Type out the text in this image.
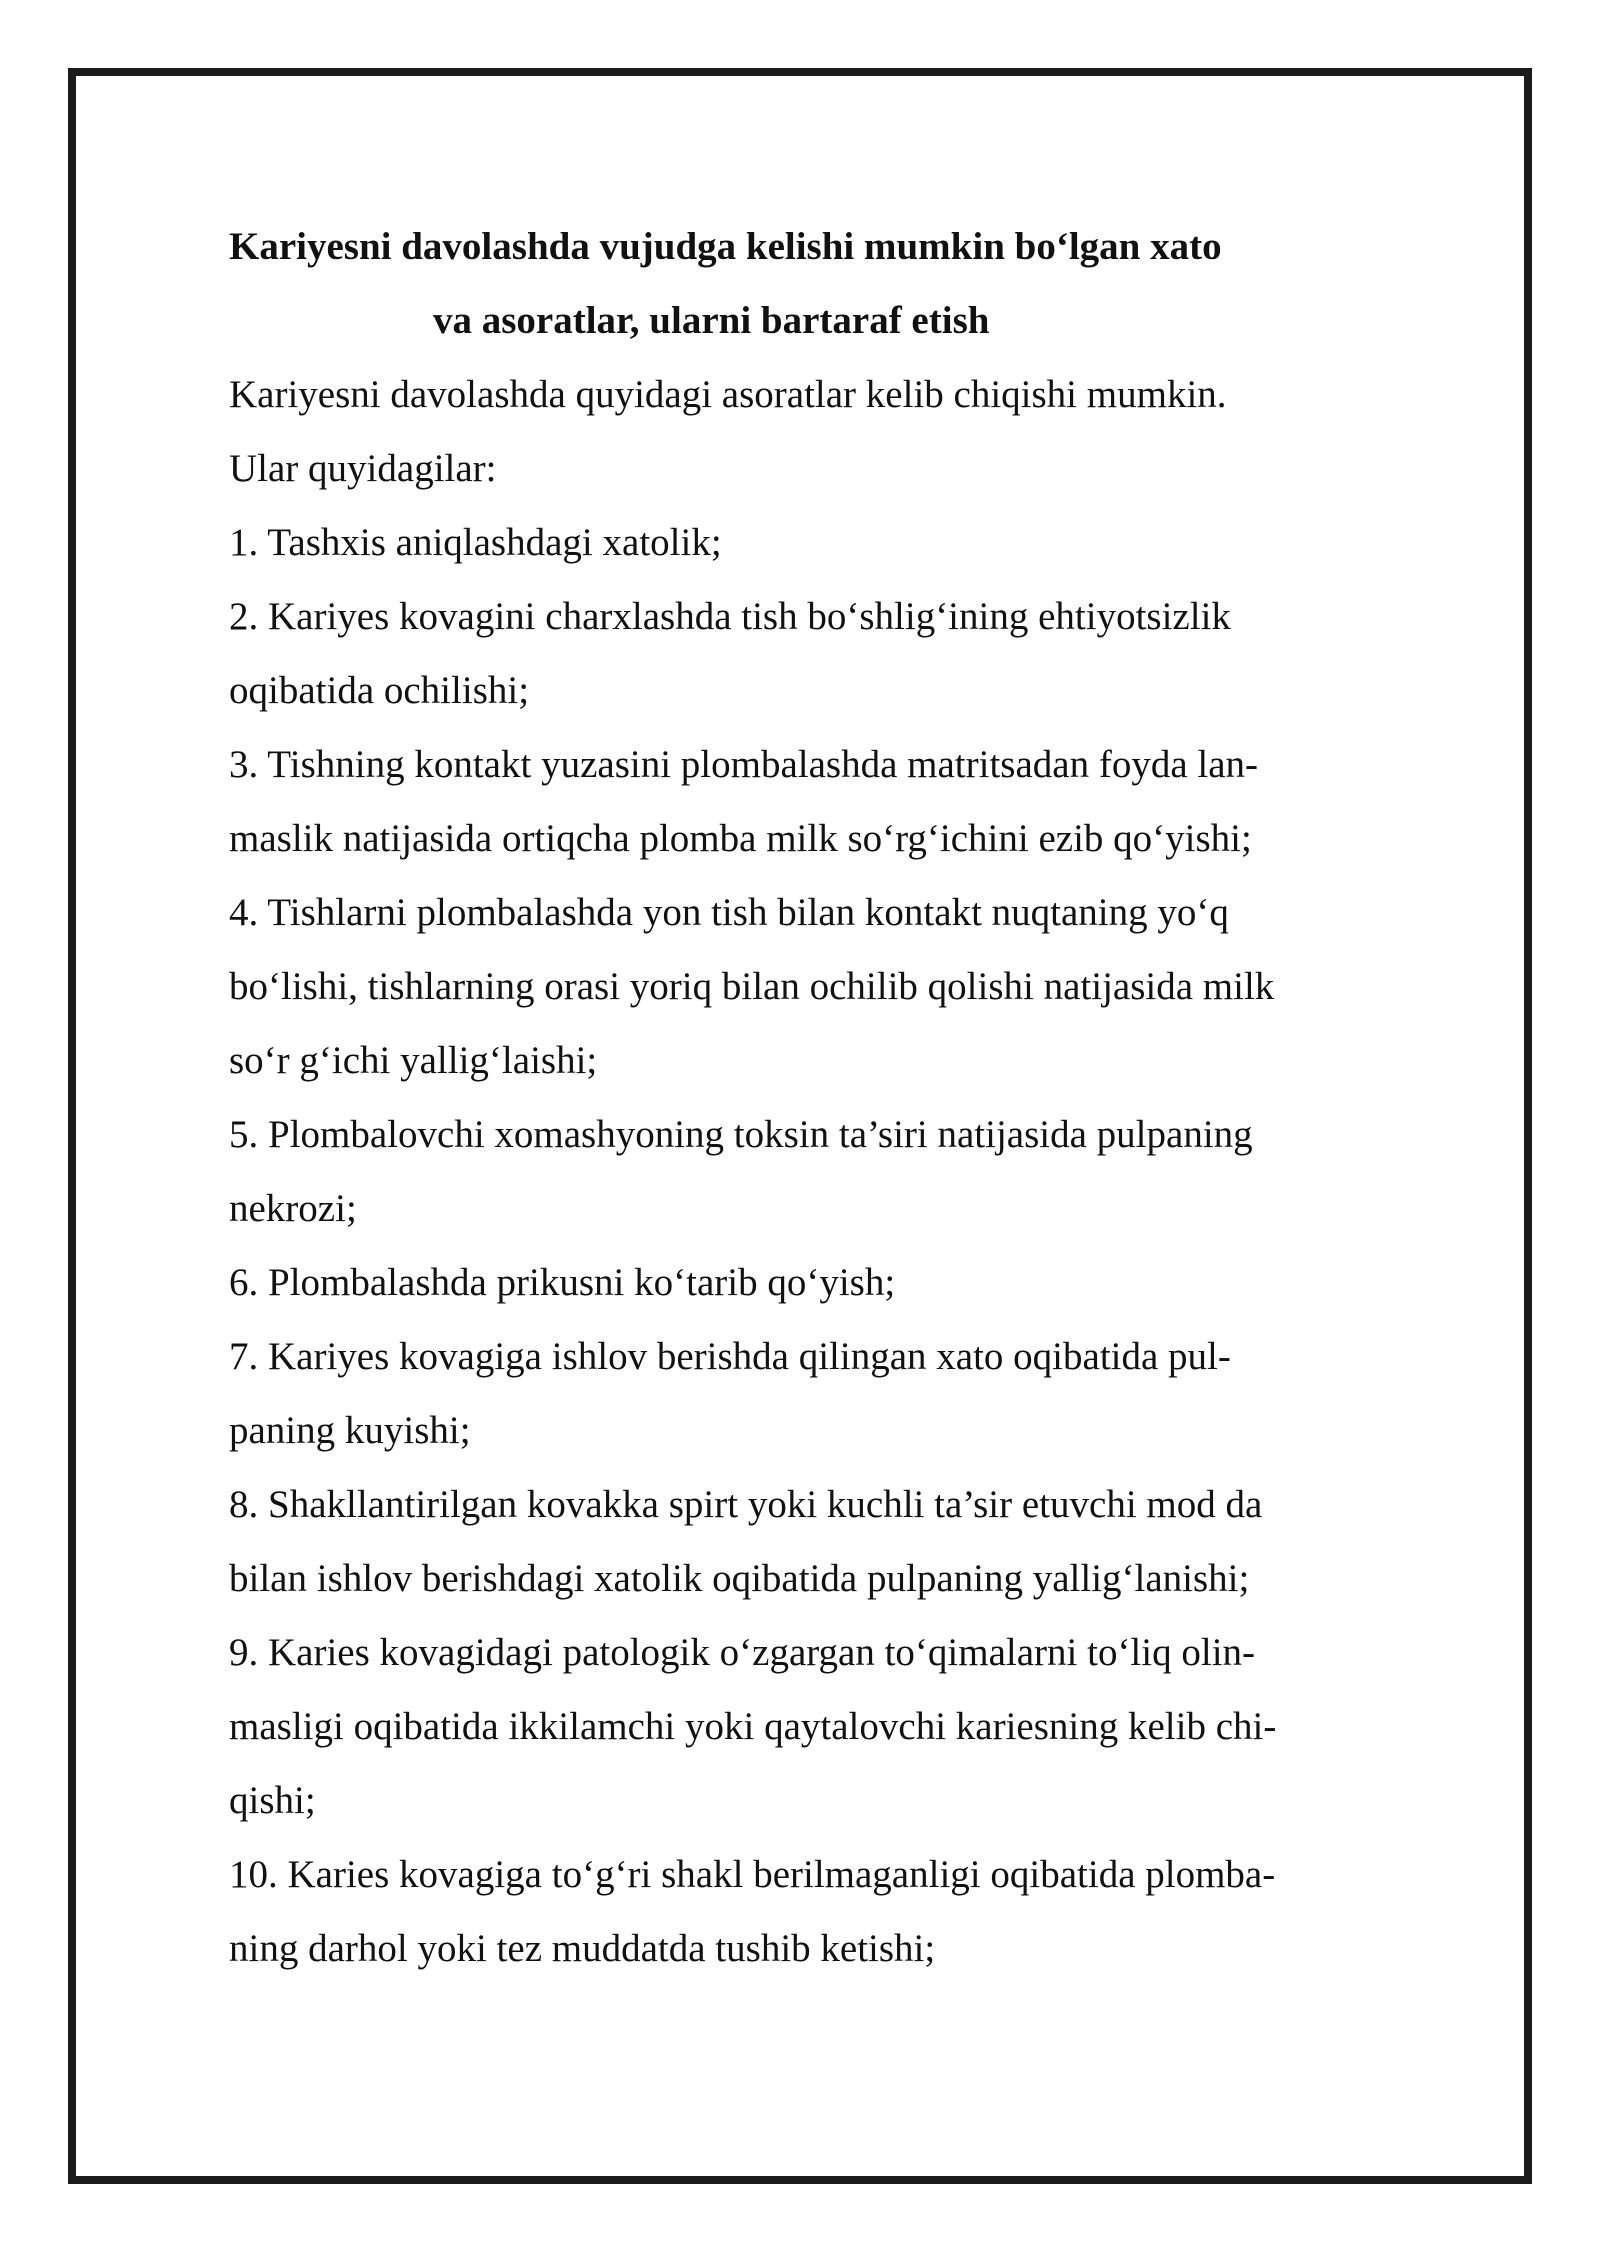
Kariyesni davolashda vujudga kelishi mumkin bo‘lgan xato
va asoratlar, ularni bartaraf etish
Kariyesni davolashda quyidagi asoratlar kelib chiqishi mumkin.
Ular quyidagilar:
1. Tashxis aniqlashdagi xatolik;
2. Kariyes kovagini charxlashda tish bo‘shlig‘ining ehtiyotsizlik
oqibatida ochilishi;
3. Tishning kontakt yuzasini plombalashda matritsadan foyda lan-
maslik natijasida ortiqcha plomba milk so‘rg‘ichini ezib qo‘yishi;
4. Tishlarni plombalashda yon tish bilan kontakt nuqtaning yo‘q
bo‘lishi, tishlarning orasi yoriq bilan ochilib qolishi natijasida milk
so‘r g‘ichi yallig‘laishi;
5. Plombalovchi xomashyoning toksin ta’siri natijasida pulpaning
nekrozi;
6. Plombalashda prikusni ko‘tarib qo‘yish;
7. Kariyes kovagiga ishlov berishda qilingan xato oqibatida pul-
paning kuyishi;
8. Shakllantirilgan kovakka spirt yoki kuchli ta’sir etuvchi mod da
bilan ishlov berishdagi xatolik oqibatida pulpaning yallig‘lanishi;
9. Karies kovagidagi patologik o‘zgargan to‘qimalarni to‘liq olin-
masligi oqibatida ikkilamchi yoki qaytalovchi kariesning kelib chi-
qishi;
10. Karies kovagiga to‘g‘ri shakl berilmaganligi oqibatida plomba-
ning darhol yoki tez muddatda tushib ketishi;
